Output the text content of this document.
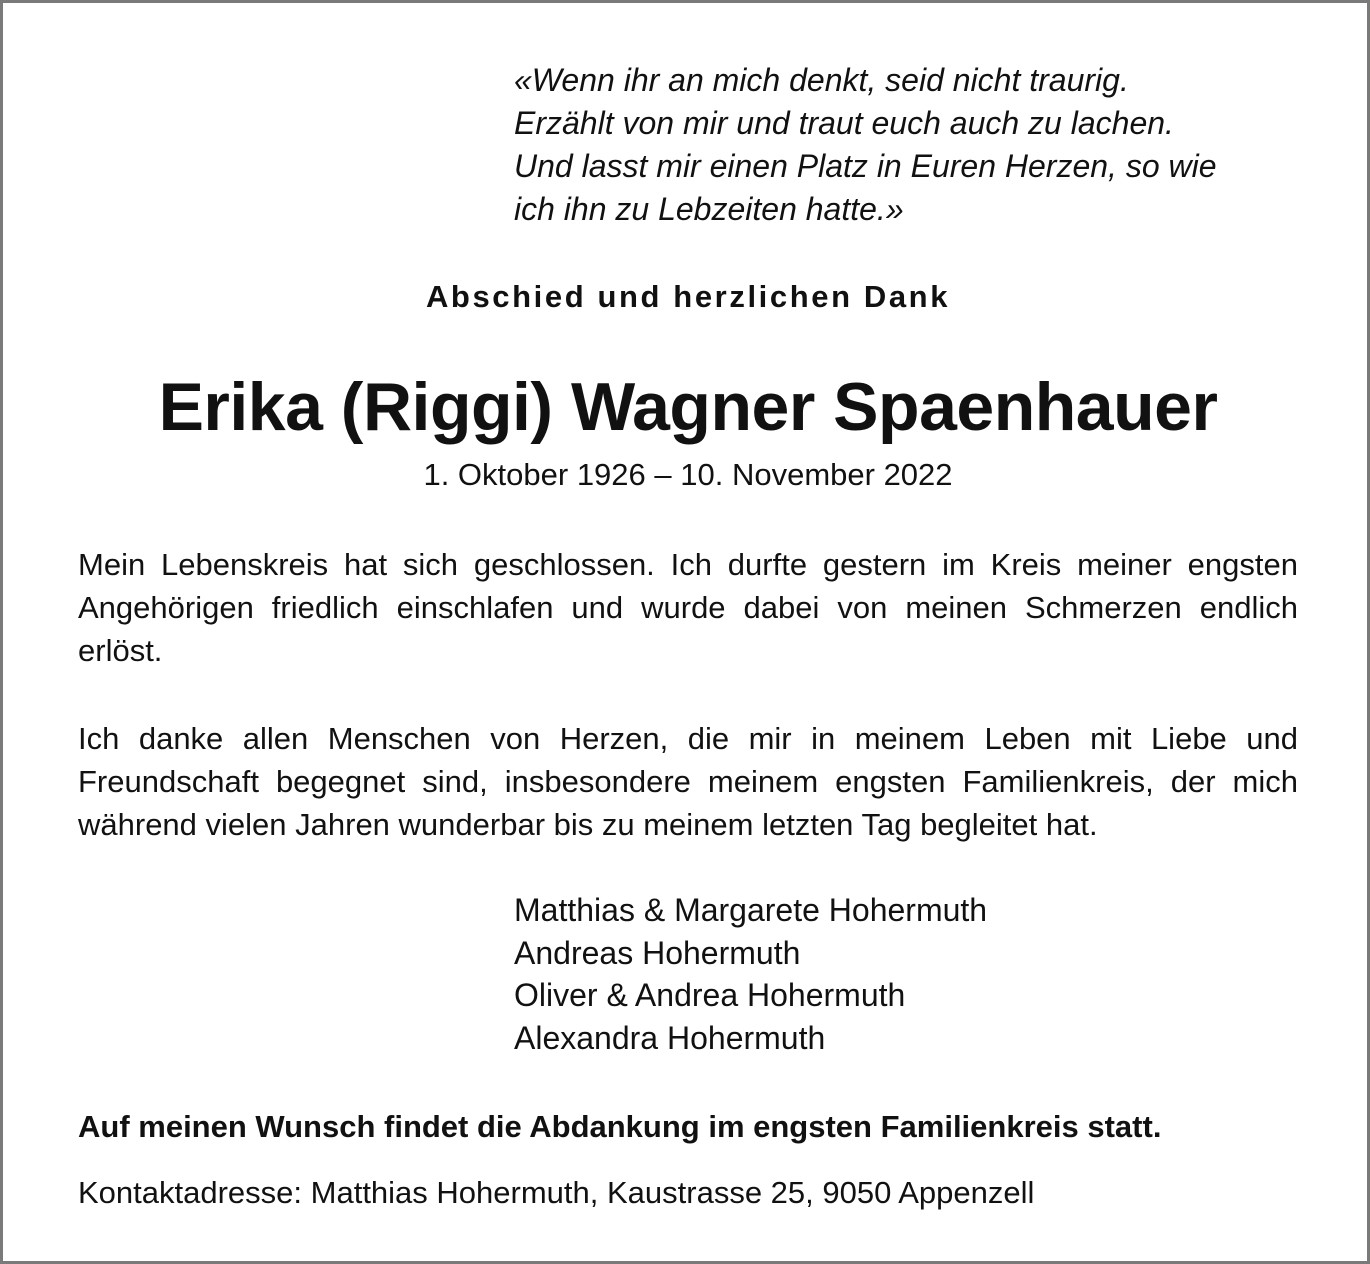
«Wenn ihr an mich denkt, seid nicht traurig.
Erzählt von mir und traut euch auch zu lachen.
Und lasst mir einen Platz in Euren Herzen, so wie
ich ihn zu Lebzeiten hatte.»
Abschied und herzlichen Dank
Erika (Riggi) Wagner Spaenhauer
1. Oktober 1926 – 10. November 2022
Mein Lebenskreis hat sich geschlossen. Ich durfte gestern im Kreis meiner engsten Angehörigen friedlich einschlafen und wurde dabei von meinen Schmerzen endlich erlöst.
Ich danke allen Menschen von Herzen, die mir in meinem Leben mit Liebe und Freundschaft begegnet sind, insbesondere meinem engsten Familienkreis, der mich während vielen Jahren wunderbar bis zu meinem letzten Tag begleitet hat.
Matthias & Margarete Hohermuth
Andreas Hohermuth
Oliver & Andrea Hohermuth
Alexandra Hohermuth
Auf meinen Wunsch findet die Abdankung im engsten Familienkreis statt.
Kontaktadresse: Matthias Hohermuth, Kaustrasse 25, 9050 Appenzell
